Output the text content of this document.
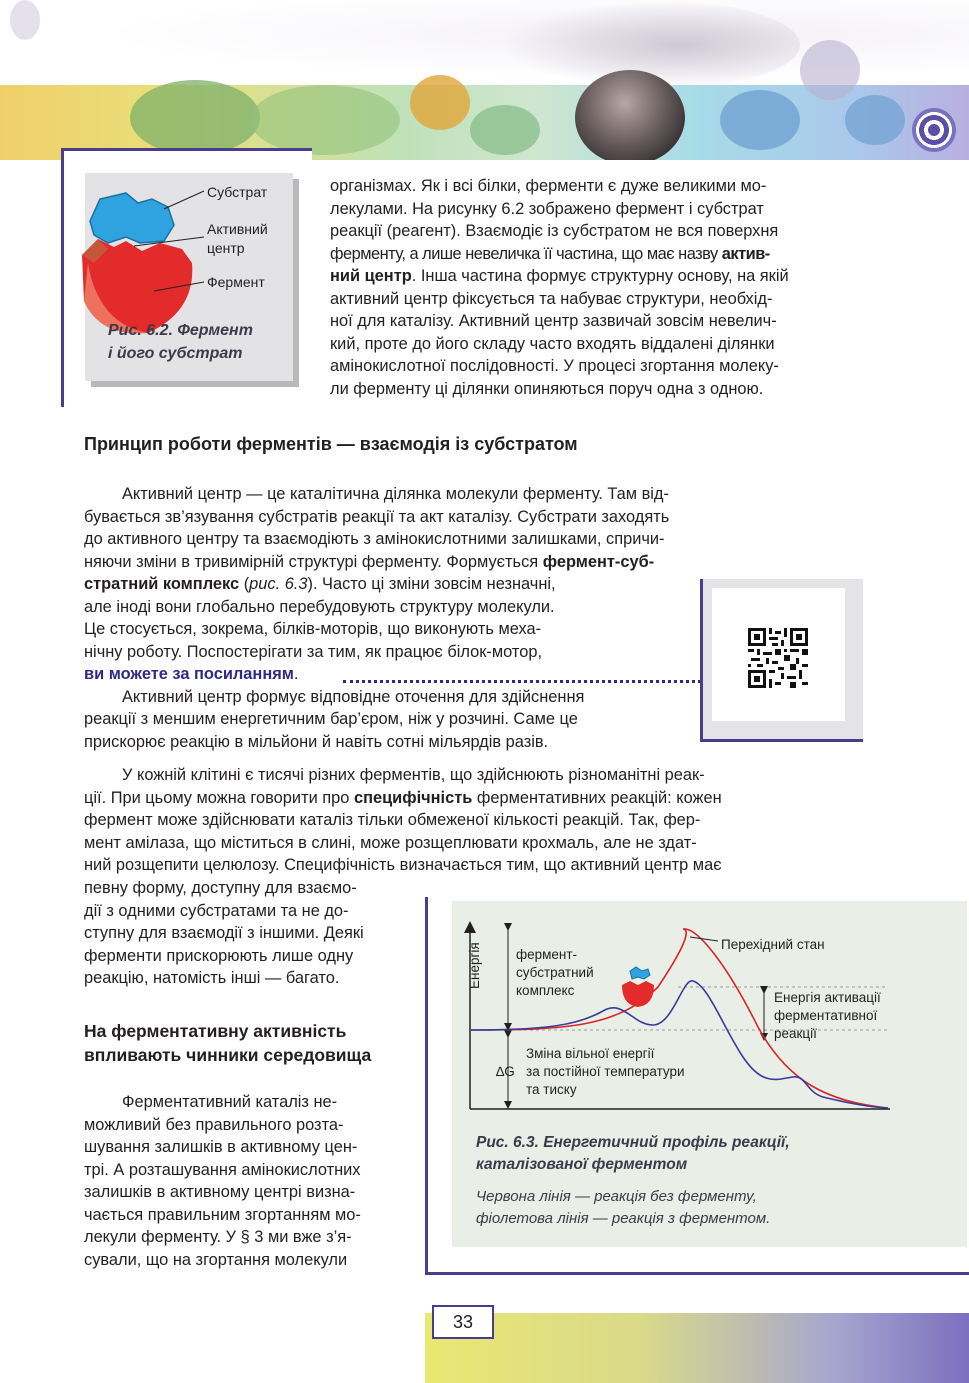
Субстрат
Активний
центр
Фермент
Рис. 6.2. Фермент
і його субстрат
організмах. Як і всі білки, ферменти є дуже великими мо-
лекулами. На рисунку 6.2 зображено фермент і субстрат
реакції (реагент). Взаємодіє із субстратом не вся поверхня
ферменту, а лише невеличка її частина, що має назву актив-
ний центр. Інша частина формує структурну основу, на якій
активний центр фіксується та набуває структури, необхід-
ної для каталізу. Активний центр зазвичай зовсім невелич-
кий, проте до його складу часто входять віддалені ділянки
амінокислотної послідовності. У процесі згортання молеку-
ли ферменту ці ділянки опиняються поруч одна з одною.
Принцип роботи ферментів — взаємодія із субстратом
Активний центр — це каталітична ділянка молекули ферменту. Там від-
бувається зв’язування субстратів реакції та акт каталізу. Субстрати заходять
до активного центру та взаємодіють з амінокислотними залишками, спричи-
няючи зміни в тривимірній структурі ферменту. Формується фермент-суб-
стратний комплекс (рис. 6.3). Часто ці зміни зовсім незначні,
але іноді вони глобально перебудовують структуру молекули.
Це стосується, зокрема, білків-моторів, що виконують меха-
нічну роботу. Поспостерігати за тим, як працює білок-мотор,
ви можете за посиланням.
Активний центр формує відповідне оточення для здійснення
реакції з меншим енергетичним бар’єром, ніж у розчині. Саме це
прискорює реакцію в мільйони й навіть сотні мільярдів разів.
У кожній клітині є тисячі різних ферментів, що здійснюють різноманітні реак-
ції. При цьому можна говорити про специфічність ферментативних реакцій: кожен
фермент може здійснювати каталіз тільки обмеженої кількості реакцій. Так, фер-
мент амілаза, що міститься в слині, може розщеплювати крохмаль, але не здат-
ний розщепити целюлозу. Специфічність визначається тим, що активний центр має
певну форму, доступну для взаємо-
дії з одними субстратами та не до-
ступну для взаємодії з іншими. Деякі
ферменти прискорюють лише одну
реакцію, натомість інші — багато.
На ферментативну активність
впливають чинники середовища
Ферментативний каталіз не-
можливий без правильного розта-
шування залишків в активному цен-
трі. А розташування амінокислотних
залишків в активному центрі визна-
чається правильним згортанням мо-
лекули ферменту. У § 3 ми вже з’я-
сували, що на згортання молекули
Енергія	фермент-
субстратний
комплекс
Перехідний стан
Енергія активації
ферментативної
реакції
∆G
Зміна вільної енергії
за постійної температури
та тиску
Рис. 6.3. Енергетичний профіль реакції,
каталізованої ферментом
Червона лінія — реакція без ферменту,
фіолетова лінія — реакція з ферментом.
33
